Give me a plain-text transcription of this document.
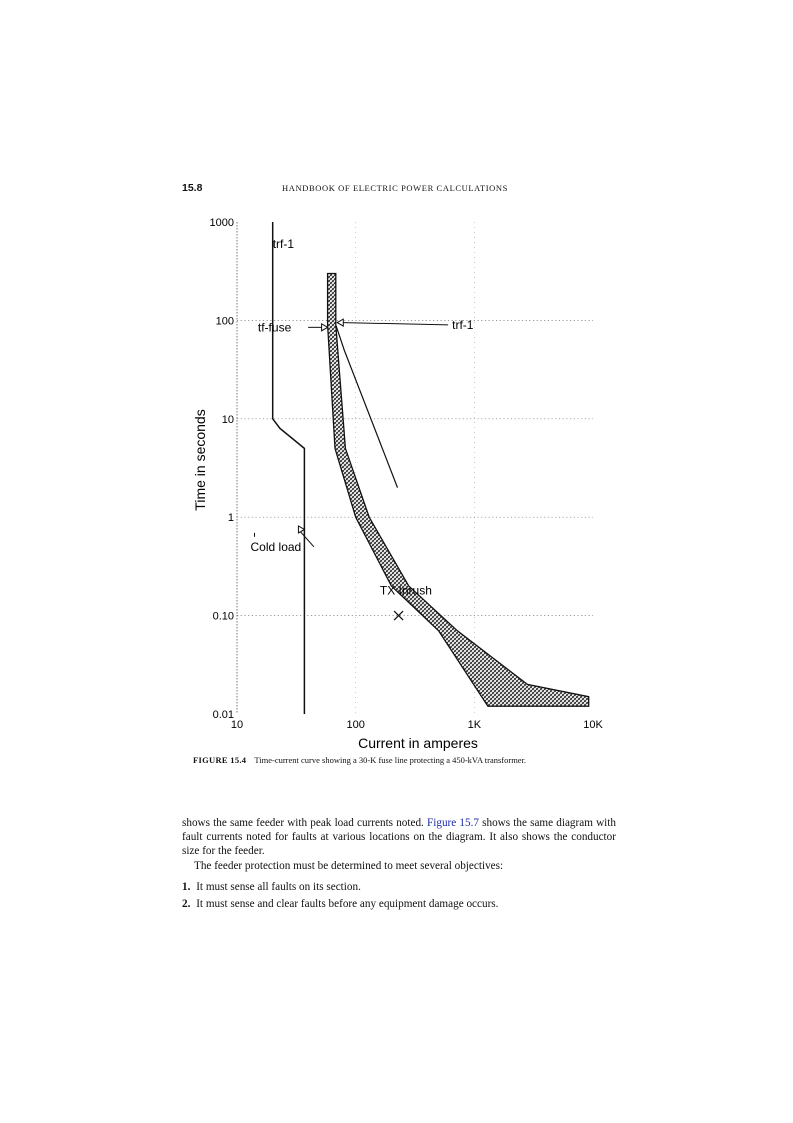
15.8	HANDBOOK OF ELECTRIC POWER CALCULATIONS
1000
100
10
1
0.10
0.01
10	100	1K	10K
trf-1
tf-fuse	trf-1
Cold load
TX Inrush
Time in seconds
Current in amperes
FIGURE 15.4 Time-current curve showing a 30-K fuse line protecting a 450-kVA transformer.

shows the same feeder with peak load currents noted. Figure 15.7 shows the same diagram with fault currents noted for faults at various locations on the diagram. It also shows the conductor size for the feeder.

The feeder protection must be determined to meet several objectives:

1. It must sense all faults on its section.
2. It must sense and clear faults before any equipment damage occurs.
